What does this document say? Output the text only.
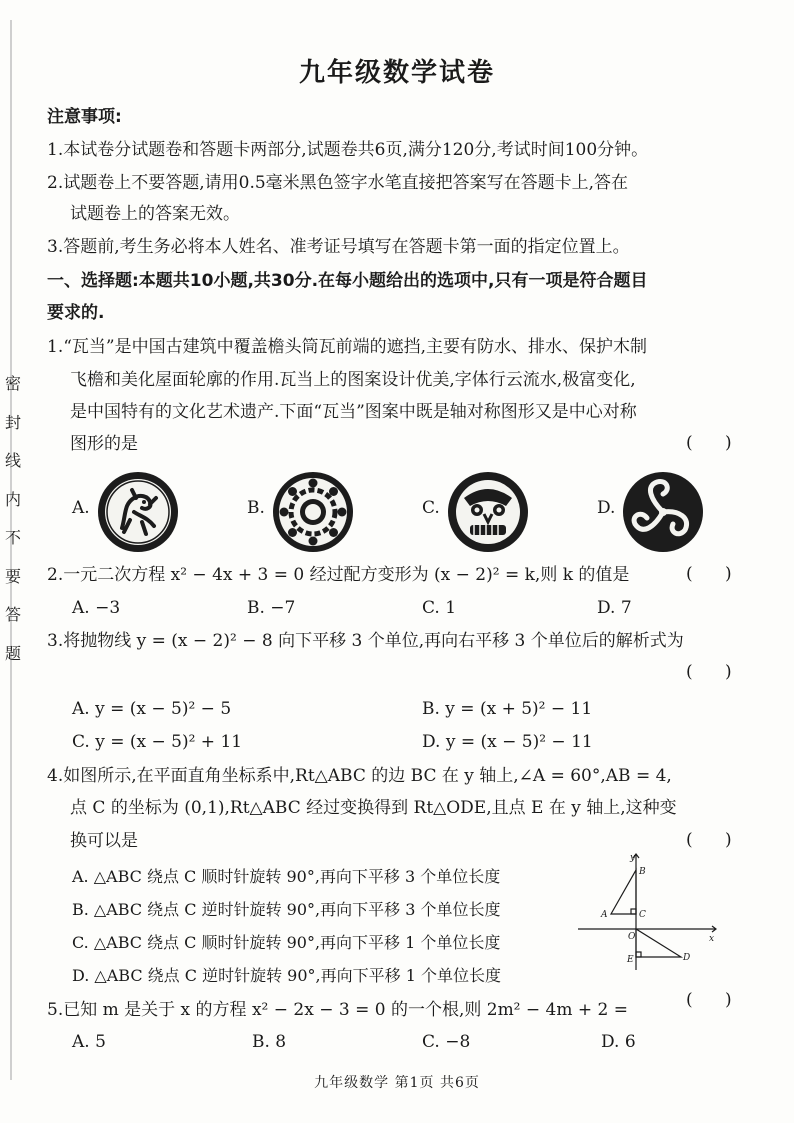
密
封
线
内
不
要
答
题
九年级数学试卷
注意事项:
1.本试卷分试题卷和答题卡两部分,试题卷共6页,满分120分,考试时间100分钟。
2.试题卷上不要答题,请用0.5毫米黑色签字水笔直接把答案写在答题卡上,答在
试题卷上的答案无效。
3.答题前,考生务必将本人姓名、准考证号填写在答题卡第一面的指定位置上。
一、选择题:本题共10小题,共30分.在每小题给出的选项中,只有一项是符合题目
要求的.
1.“瓦当”是中国古建筑中覆盖檐头筒瓦前端的遮挡,主要有防水、排水、保护木制
飞檐和美化屋面轮廓的作用.瓦当上的图案设计优美,字体行云流水,极富变化,
是中国特有的文化艺术遗产.下面“瓦当”图案中既是轴对称图形又是中心对称
图形的是	(      )
A.	B.	C.	D.
2.一元二次方程 x² − 4x + 3 = 0 经过配方变形为 (x − 2)² = k,则 k 的值是	(      )
A. −3	B. −7	C. 1	D. 7
3.将抛物线 y = (x − 2)² − 8 向下平移 3 个单位,再向右平移 3 个单位后的解析式为
(      )
A. y = (x − 5)² − 5	B. y = (x + 5)² − 11
C. y = (x − 5)² + 11	D. y = (x − 5)² − 11
4.如图所示,在平面直角坐标系中,Rt△ABC 的边 BC 在 y 轴上,∠A = 60°,AB = 4,
点 C 的坐标为 (0,1),Rt△ABC 经过变换得到 Rt△ODE,且点 E 在 y 轴上,这种变
换可以是	(      )
A. △ABC 绕点 C 顺时针旋转 90°,再向下平移 3 个单位长度
B. △ABC 绕点 C 逆时针旋转 90°,再向下平移 3 个单位长度
C. △ABC 绕点 C 顺时针旋转 90°,再向下平移 1 个单位长度
D. △ABC 绕点 C 逆时针旋转 90°,再向下平移 1 个单位长度
y
x
B
A	C
O
E	D
5.已知 m 是关于 x 的方程 x² − 2x − 3 = 0 的一个根,则 2m² − 4m + 2 =	(      )
A. 5	B. 8	C. −8	D. 6
九年级数学 第1页 共6页
